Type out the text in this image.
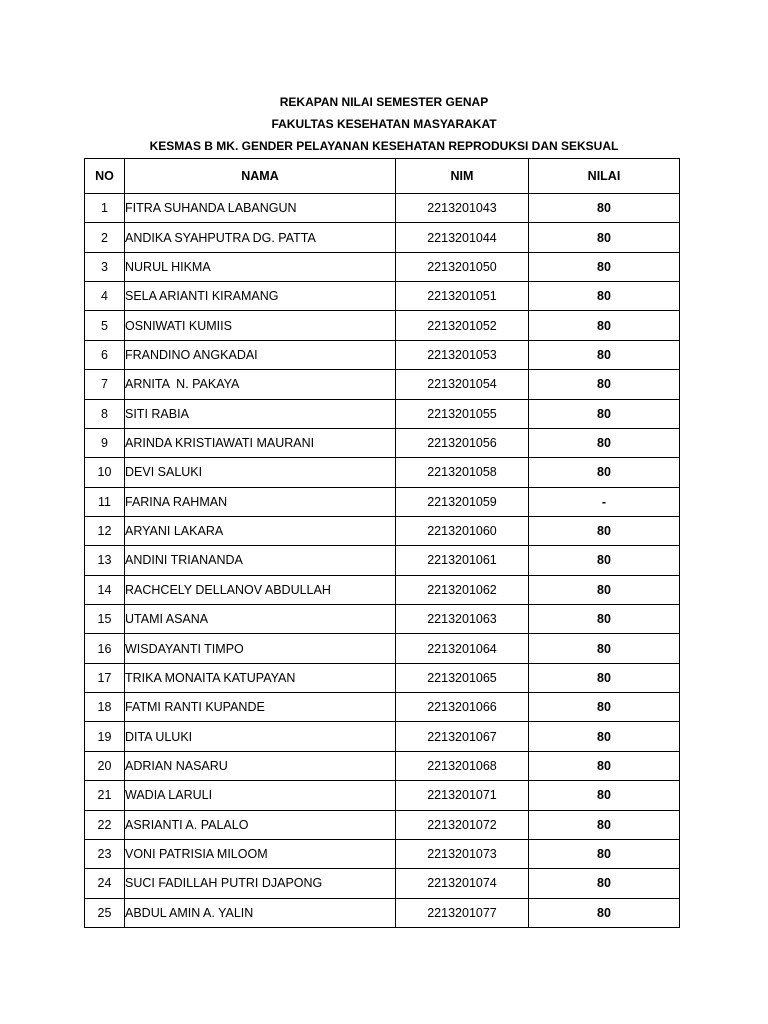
REKAPAN NILAI SEMESTER GENAP
FAKULTAS KESEHATAN MASYARAKAT
KESMAS B MK. GENDER PELAYANAN KESEHATAN REPRODUKSI DAN SEKSUAL
NO	NAMA	NIM	NILAI
1	FITRA SUHANDA LABANGUN	2213201043	80
2	ANDIKA SYAHPUTRA DG. PATTA	2213201044	80
3	NURUL HIKMA	2213201050	80
4	SELA ARIANTI KIRAMANG	2213201051	80
5	OSNIWATI KUMIIS	2213201052	80
6	FRANDINO ANGKADAI	2213201053	80
7	ARNITA  N. PAKAYA	2213201054	80
8	SITI RABIA	2213201055	80
9	ARINDA KRISTIAWATI MAURANI	2213201056	80
10	DEVI SALUKI	2213201058	80
11	FARINA RAHMAN	2213201059	-
12	ARYANI LAKARA	2213201060	80
13	ANDINI TRIANANDA	2213201061	80
14	RACHCELY DELLANOV ABDULLAH	2213201062	80
15	UTAMI ASANA	2213201063	80
16	WISDAYANTI TIMPO	2213201064	80
17	TRIKA MONAITA KATUPAYAN	2213201065	80
18	FATMI RANTI KUPANDE	2213201066	80
19	DITA ULUKI	2213201067	80
20	ADRIAN NASARU	2213201068	80
21	WADIA LARULI	2213201071	80
22	ASRIANTI A. PALALO	2213201072	80
23	VONI PATRISIA MILOOM	2213201073	80
24	SUCI FADILLAH PUTRI DJAPONG	2213201074	80
25	ABDUL AMIN A. YALIN	2213201077	80
